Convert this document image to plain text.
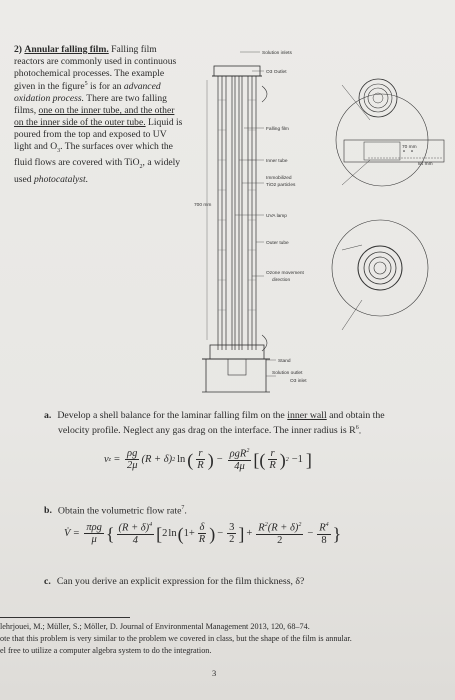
2) Annular falling film. Falling film reactors are commonly used in continuous photochemical processes. The example given in the figure$^5$ is for an advanced oxidation process. There are two falling films, one on the inner tube, and the other on the inner side of the outer tube. Liquid is poured from the top and exposed to UV light and $O_3$. The surfaces over which the fluid flows are covered with TiO$_2$, a widely used photocatalyst.
700 mm
Solution inlets
O3 Outlet
Falling film
Inner tube
Immobilized
TiO2 particles
UVA lamp
Outer tube
Ozone movement
direction
Stand
Solution outlet
O3 inlet
70 mm
84 mm
a. Develop a shell balance for the laminar falling film on the inner wall and obtain the
velocity profile. Neglect any gas drag on the interface. The inner radius is $R^6$.
v $z = \frac{\rho g}{2\mu} (R + \delta)$ 2 ln ( $\frac{r}{R}$ ) − $\frac{\rho gR^2}{4\mu}$ [ ( $\frac{r}{R}$ ) 2 −1 ]
b. Obtain the volumetric flow rate$^7$.
V̇ = $\frac{\text{πρg}}{\mu}$ { $\frac{(R + \delta)^4}{4}$ [ 2 ln ( $1+ \frac{\delta}{R}$ ) − $\frac{3}{2}$ ] + $\frac{R^2(R + \delta)^2}{2} - \frac{R^4}{8}$ }
c. Can you derive an explicit expression for the film thickness, δ?
lehrjouei, M.; Müller, S.; Möller, D. Journal of Environmental Management 2013, 120, 68–74.
ote that this problem is very similar to the problem we covered in class, but the shape of the film is annular.
el free to utilize a computer algebra system to do the integration.
3
